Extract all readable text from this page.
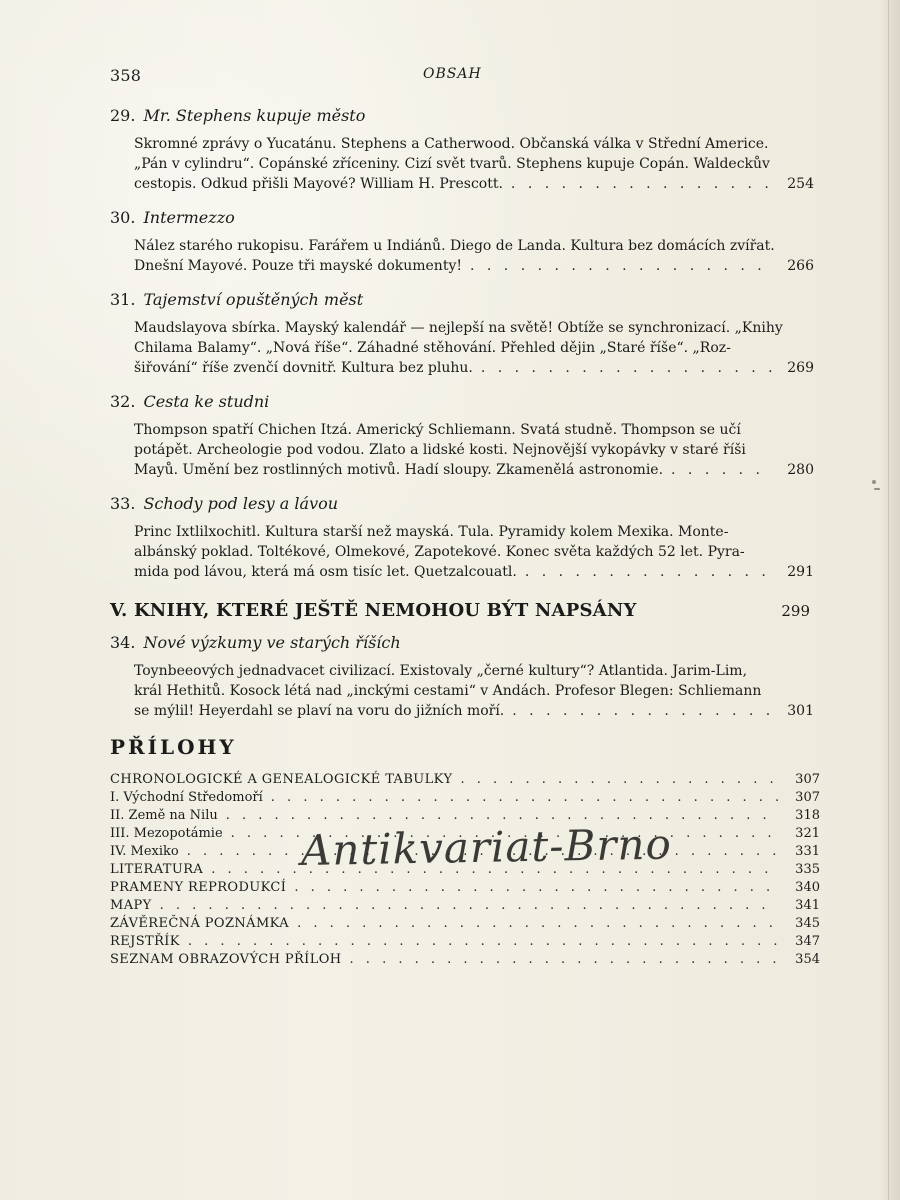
358	OBSAH
29. Mr. Stephens kupuje město
Skromné zprávy o Yucatánu. Stephens a Catherwood. Občanská válka v Střední Americe.
„Pán v cylindru“. Copánské zříceniny. Cizí svět tvarů. Stephens kupuje Copán. Waldeckův
cestopis. Odkud přišli Mayové? William H. Prescott. . . .	254
30. Intermezzo
Nález starého rukopisu. Farářem u Indiánů. Diego de Landa. Kultura bez domácích zvířat.
Dnešní Mayové. Pouze tři mayské dokumenty! . . .	266
31. Tajemství opuštěných měst
Maudslayova sbírka. Mayský kalendář — nejlepší na světě! Obtíže se synchronizací. „Knihy
Chilama Balamy“. „Nová říše“. Záhadné stěhování. Přehled dějin „Staré říše“. „Roz-
šiřování“ říše zvenčí dovnitř. Kultura bez pluhu. . . .	269
32. Cesta ke studni
Thompson spatří Chichen Itzá. Americký Schliemann. Svatá studně. Thompson se učí
potápět. Archeologie pod vodou. Zlato a lidské kosti. Nejnovější vykopávky v staré říši
Mayů. Umění bez rostlinných motivů. Hadí sloupy. Zkamenělá astronomie. . . .	280
33. Schody pod lesy a lávou
Princ Ixtlilxochitl. Kultura starší než mayská. Tula. Pyramidy kolem Mexika. Monte-
albánský poklad. Toltékové, Olmekové, Zapotekové. Konec světa každých 52 let. Pyra-
mida pod lávou, která má osm tisíc let. Quetzalcouatl. . . .	291
V. KNIHY, KTERÉ JEŠTĚ NEMOHOU BÝT NAPSÁNY	299
34. Nové výzkumy ve starých říších
Toynbeeových jednadvacet civilizací. Existovaly „černé kultury“? Atlantida. Jarim-Lim,
král Hethitů. Kosock létá nad „inckými cestami“ v Andách. Profesor Blegen: Schliemann
se mýlil! Heyerdahl se plaví na voru do jižních moří. . . .	301
PŘÍLOHY
CHRONOLOGICKÉ A GENEALOGICKÉ TABULKY . . .	307
I. Východní Středomoří . . .	307
II. Země na Nilu . . .	318
III. Mezopotámie . . .	321
IV. Mexiko . . .	331
LITERATURA . . .	335
PRAMENY REPRODUKCÍ . . .	340
MAPY . . .	341
ZÁVĚREČNÁ POZNÁMKA . . .	345
REJSTŘÍK . . .	347
SEZNAM OBRAZOVÝCH PŘÍLOH . . .	354
Antikvariat-Brno
